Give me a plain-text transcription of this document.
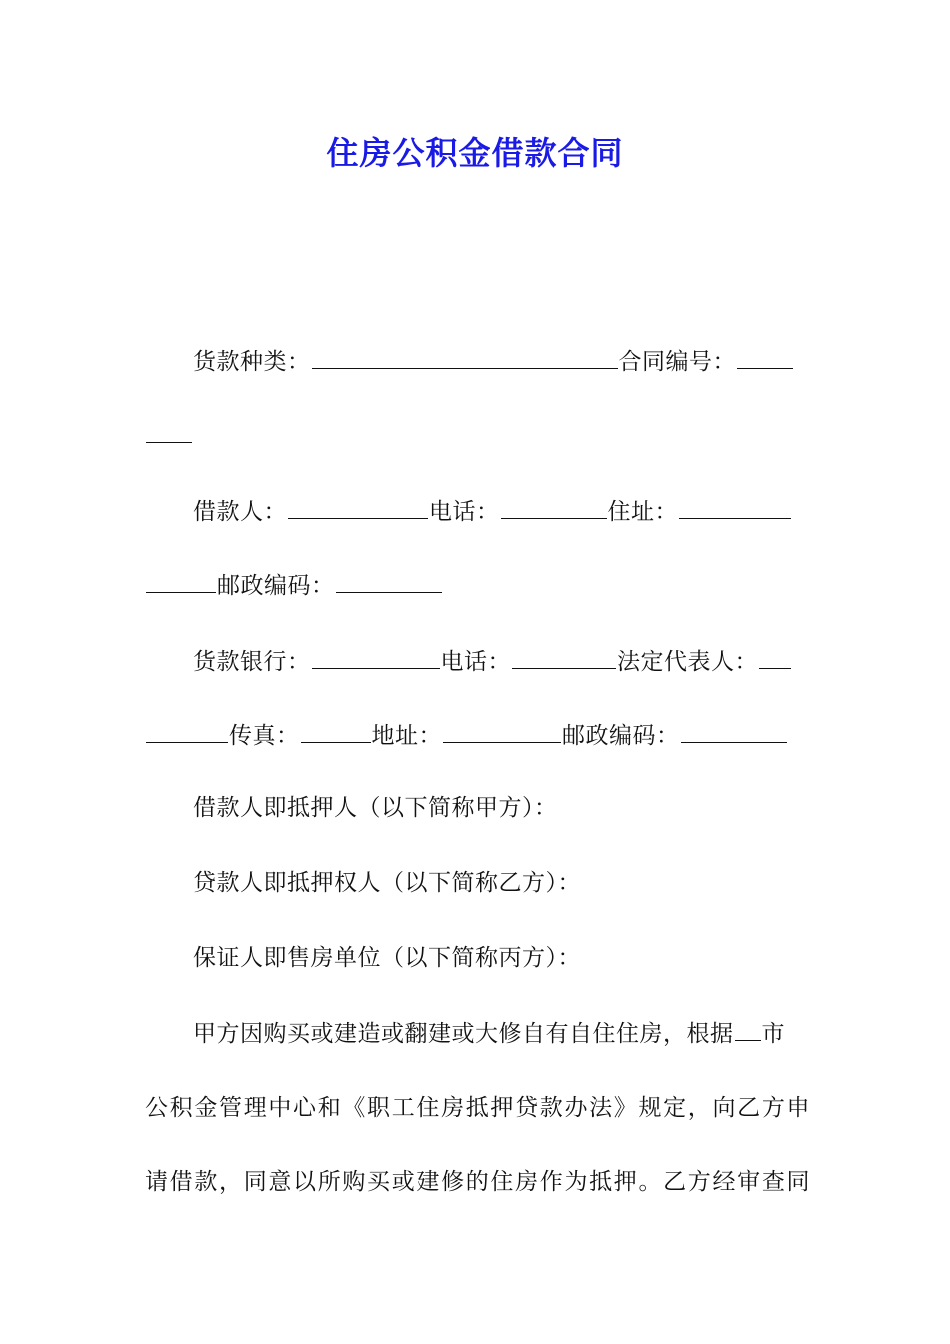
住房公积金借款合同
货款种类：	合同编号：
借款人：	电话：	住址：
邮政编码：
货款银行：	电话：	法定代表人：
传真：	地址：	邮政编码：
借款人即抵押人（以下简称甲方）：
贷款人即抵押权人（以下简称乙方）：
保证人即售房单位（以下简称丙方）：
甲方因购买或建造或翻建或大修自有自住住房，根据 市
公积金管理中心和《职工住房抵押贷款办法》规定，向乙方申
请借款，同意以所购买或建修的住房作为抵押。乙方经审查同
